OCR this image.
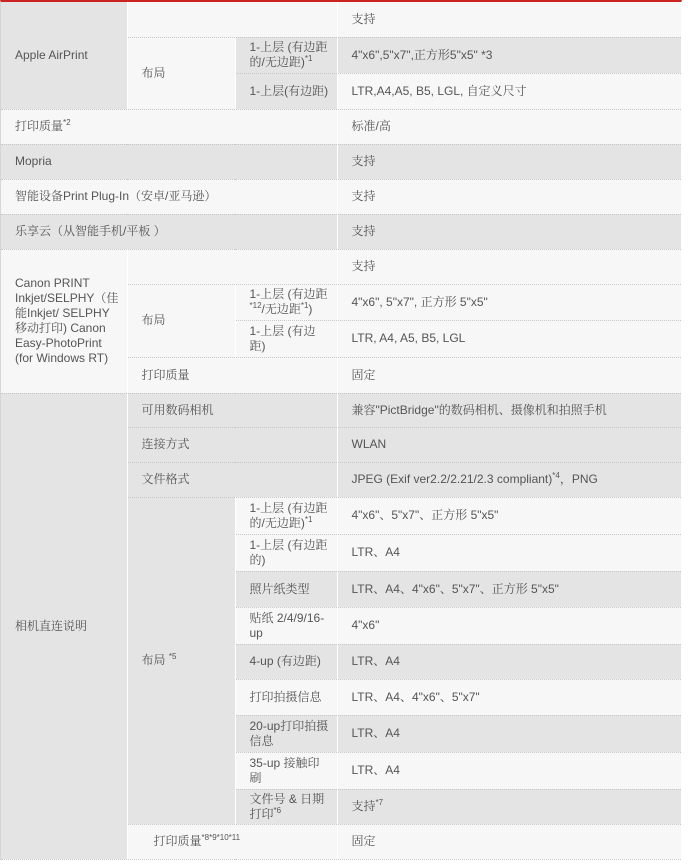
Apple AirPrint			支持
	布局	1-上层 (有边距的/无边距)$^{*1}$	4"x6",5"x7",正方形5"x5" *3
		1-上层(有边距)	LTR,A4,A5, B5, LGL, 自定义尺寸
打印质量$^{*2}$			标准/高
Mopria			支持
智能设备Print Plug-In（安卓/亚马逊）			支持
乐享云（从智能手机/平板 ）			支持
Canon PRINT Inkjet/SELPHY（佳能Inkjet/ SELPHY移动打印) Canon Easy-PhotoPrint (for Windows RT)			支持
	布局	1-上层 (有边距$^{*12}$/无边距$^{*1}$)	4"x6", 5"x7", 正方形 5"x5"
		1-上层 (有边距)	LTR, A4, A5, B5, LGL
	打印质量		固定
相机直连说明	可用数码相机		兼容"PictBridge"的数码相机、摄像机和拍照手机
	连接方式		WLAN
	文件格式		JPEG (Exif ver2.2/2.21/2.3 compliant)$^{*4}$，PNG
	布局 $^{*5}$	1-上层 (有边距的/无边距)$^{*1}$	4"x6"、5"x7"、正方形 5"x5"
		1-上层 (有边距的)	LTR、A4
		照片纸类型	LTR、A4、4"x6"、5"x7"、正方形 5"x5"
		贴纸 2/4/9/16-up	4"x6"
		4-up (有边距)	LTR、A4
		打印拍摄信息	LTR、A4、4"x6"、5"x7"
		20-up打印拍摄信息	LTR、A4
		35-up 接触印刷	LTR、A4
		文件号 & 日期打印$^{*6}$	支持$^{*7}$
	打印质量$^{*8*9*10*11}$		固定
